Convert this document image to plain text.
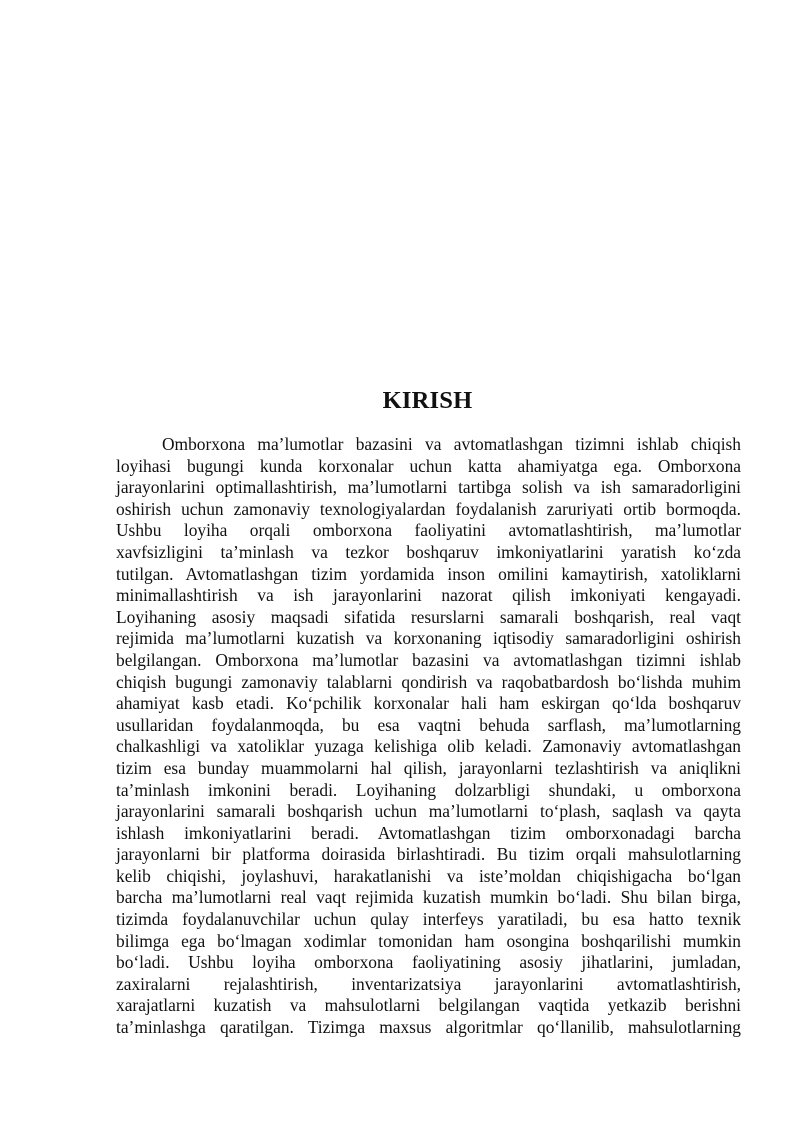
KIRISH
Omborxona ma’lumotlar bazasini va avtomatlashgan tizimni ishlab chiqish
loyihasi bugungi kunda korxonalar uchun katta ahamiyatga ega. Omborxona
jarayonlarini optimallashtirish, ma’lumotlarni tartibga solish va ish samaradorligini
oshirish uchun zamonaviy texnologiyalardan foydalanish zaruriyati ortib bormoqda.
Ushbu loyiha orqali omborxona faoliyatini avtomatlashtirish, ma’lumotlar
xavfsizligini ta’minlash va tezkor boshqaruv imkoniyatlarini yaratish ko‘zda
tutilgan. Avtomatlashgan tizim yordamida inson omilini kamaytirish, xatoliklarni
minimallashtirish va ish jarayonlarini nazorat qilish imkoniyati kengayadi.
Loyihaning asosiy maqsadi sifatida resurslarni samarali boshqarish, real vaqt
rejimida ma’lumotlarni kuzatish va korxonaning iqtisodiy samaradorligini oshirish
belgilangan. Omborxona ma’lumotlar bazasini va avtomatlashgan tizimni ishlab
chiqish bugungi zamonaviy talablarni qondirish va raqobatbardosh bo‘lishda muhim
ahamiyat kasb etadi. Ko‘pchilik korxonalar hali ham eskirgan qo‘lda boshqaruv
usullaridan foydalanmoqda, bu esa vaqtni behuda sarflash, ma’lumotlarning
chalkashligi va xatoliklar yuzaga kelishiga olib keladi. Zamonaviy avtomatlashgan
tizim esa bunday muammolarni hal qilish, jarayonlarni tezlashtirish va aniqlikni
ta’minlash imkonini beradi. Loyihaning dolzarbligi shundaki, u omborxona
jarayonlarini samarali boshqarish uchun ma’lumotlarni to‘plash, saqlash va qayta
ishlash imkoniyatlarini beradi. Avtomatlashgan tizim omborxonadagi barcha
jarayonlarni bir platforma doirasida birlashtiradi. Bu tizim orqali mahsulotlarning
kelib chiqishi, joylashuvi, harakatlanishi va iste’moldan chiqishigacha bo‘lgan
barcha ma’lumotlarni real vaqt rejimida kuzatish mumkin bo‘ladi. Shu bilan birga,
tizimda foydalanuvchilar uchun qulay interfeys yaratiladi, bu esa hatto texnik
bilimga ega bo‘lmagan xodimlar tomonidan ham osongina boshqarilishi mumkin
bo‘ladi. Ushbu loyiha omborxona faoliyatining asosiy jihatlarini, jumladan,
zaxiralarni rejalashtirish, inventarizatsiya jarayonlarini avtomatlashtirish,
xarajatlarni kuzatish va mahsulotlarni belgilangan vaqtida yetkazib berishni
ta’minlashga qaratilgan. Tizimga maxsus algoritmlar qo‘llanilib, mahsulotlarning
